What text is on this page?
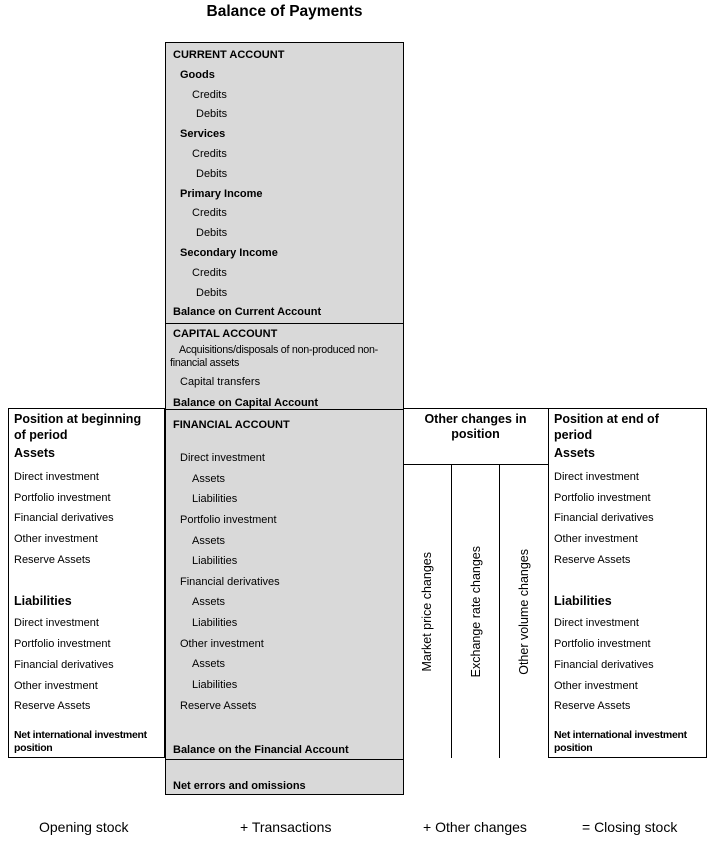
Balance of Payments
CURRENT ACCOUNT
Goods
Credits
Debits
Services
Credits
Debits
Primary Income
Credits
Debits
Secondary Income
Credits
Debits
Balance on Current Account
CAPITAL ACCOUNT
Acquisitions/disposals of non-produced non-financial assets
Capital transfers
Balance on Capital Account
FINANCIAL ACCOUNT
Direct investment
Assets
Liabilities
Portfolio investment
Assets
Liabilities
Financial derivatives
Assets
Liabilities
Other investment
Assets
Liabilities
Reserve Assets
Balance on the Financial Account
Net errors and omissions
Position at beginning of period
Assets
Direct investment
Portfolio investment
Financial derivatives
Other investment
Reserve Assets
Liabilities
Direct investment
Portfolio investment
Financial derivatives
Other investment
Reserve Assets
Net international investment position
Other changes in position
Market price changes	Exchange rate changes	Other volume changes
Position at end of period
Assets
Direct investment
Portfolio investment
Financial derivatives
Other investment
Reserve Assets
Liabilities
Direct investment
Portfolio investment
Financial derivatives
Other investment
Reserve Assets
Net international investment position
Opening stock	+ Transactions	+ Other changes	= Closing stock
